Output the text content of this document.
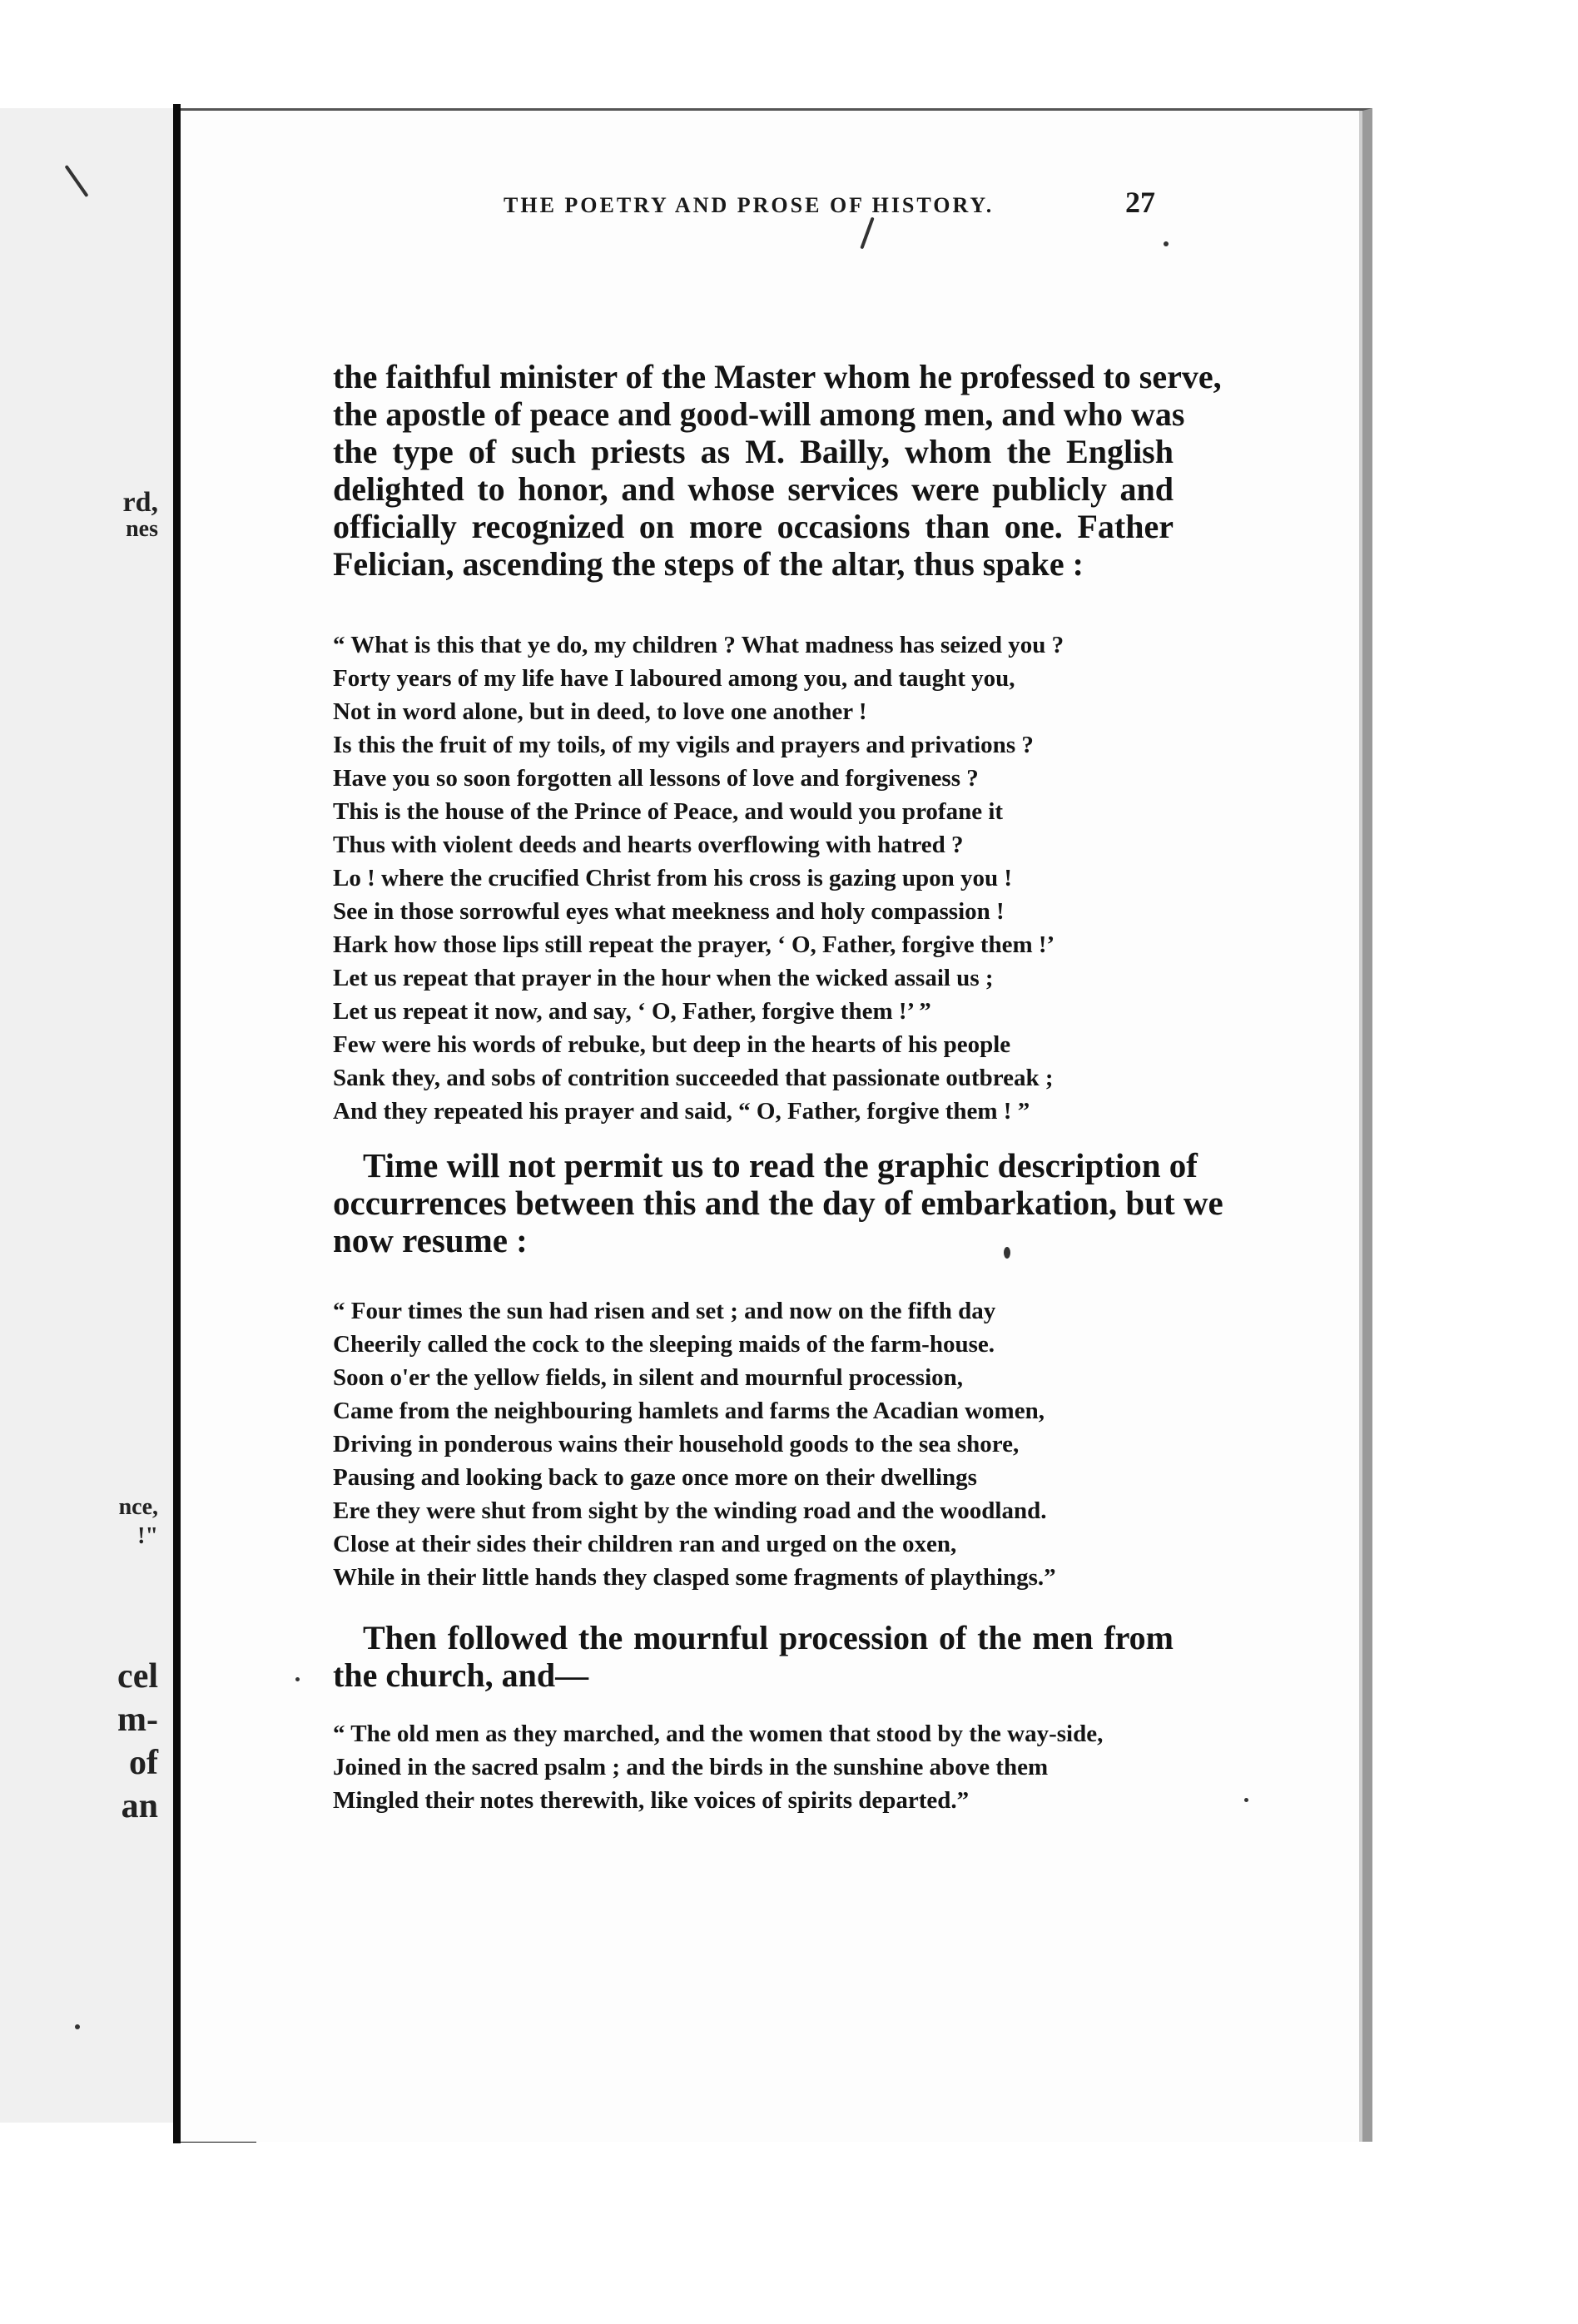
rd,
nes
nce,
!"
cel
m-
of
an
THE POETRY AND PROSE OF HISTORY.	27
the faithful minister of the Master whom he professed to serve,
the apostle of peace and good-will among men, and who was
the type of such priests as M. Bailly, whom the English
delighted to honor, and whose services were publicly and
officially recognized on more occasions than one. Father
Felician, ascending the steps of the altar, thus spake :
“ What is this that ye do, my children ? What madness has seized you ?
Forty years of my life have I laboured among you, and taught you,
Not in word alone, but in deed, to love one another !
Is this the fruit of my toils, of my vigils and prayers and privations ?
Have you so soon forgotten all lessons of love and forgiveness ?
This is the house of the Prince of Peace, and would you profane it
Thus with violent deeds and hearts overflowing with hatred ?
Lo ! where the crucified Christ from his cross is gazing upon you !
See in those sorrowful eyes what meekness and holy compassion !
Hark how those lips still repeat the prayer, ‘ O, Father, forgive them !’
Let us repeat that prayer in the hour when the wicked assail us ;
Let us repeat it now, and say, ‘ O, Father, forgive them !’ ”
Few were his words of rebuke, but deep in the hearts of his people
Sank they, and sobs of contrition succeeded that passionate outbreak ;
And they repeated his prayer and said, “ O, Father, forgive them ! ”
Time will not permit us to read the graphic description of
occurrences between this and the day of embarkation, but we
now resume :
“ Four times the sun had risen and set ; and now on the fifth day
Cheerily called the cock to the sleeping maids of the farm-house.
Soon o'er the yellow fields, in silent and mournful procession,
Came from the neighbouring hamlets and farms the Acadian women,
Driving in ponderous wains their household goods to the sea shore,
Pausing and looking back to gaze once more on their dwellings
Ere they were shut from sight by the winding road and the woodland.
Close at their sides their children ran and urged on the oxen,
While in their little hands they clasped some fragments of playthings.”
Then followed the mournful procession of the men from
the church, and—
“ The old men as they marched, and the women that stood by the way-side,
Joined in the sacred psalm ; and the birds in the sunshine above them
Mingled their notes therewith, like voices of spirits departed.”
